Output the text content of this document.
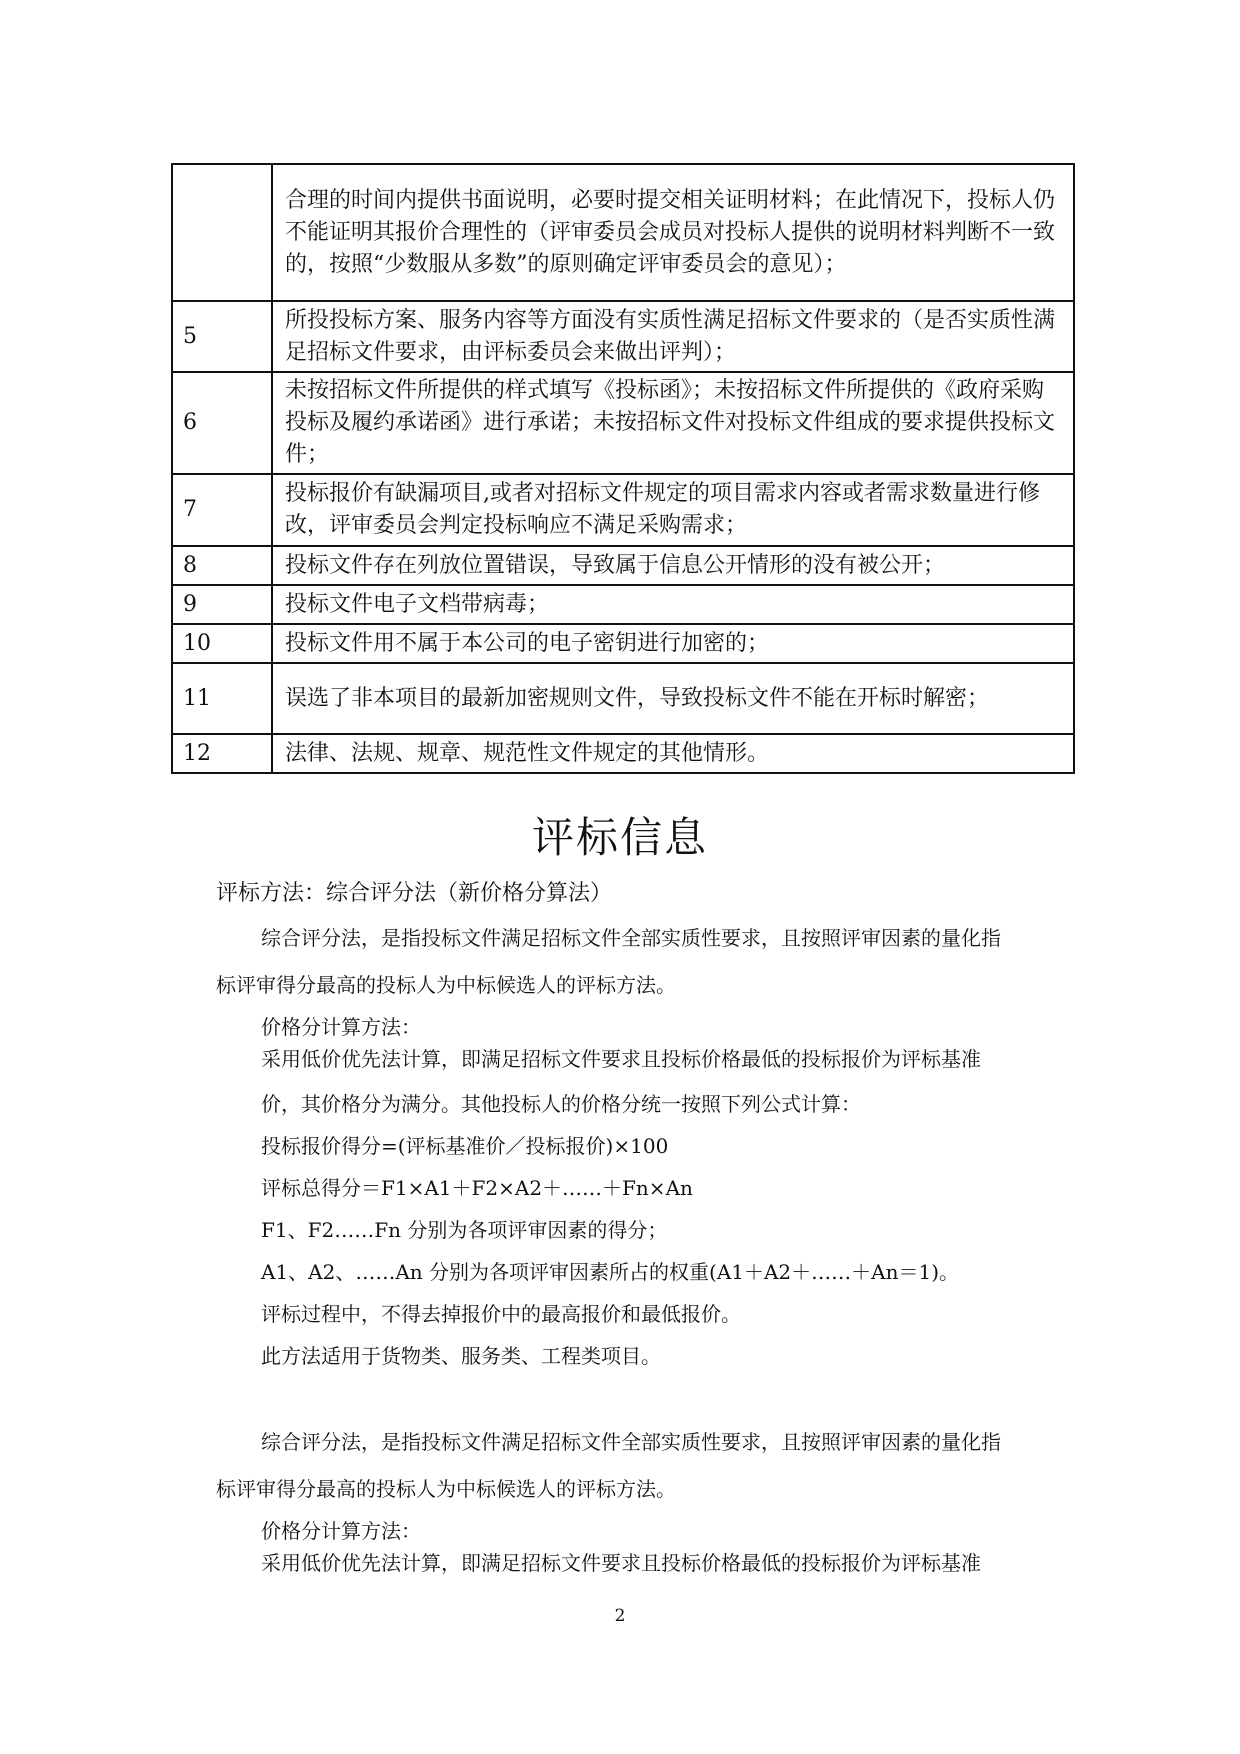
	合理的时间内提供书面说明，必要时提交相关证明材料；在此情况下，投标人仍不能证明其报价合理性的（评审委员会成员对投标人提供的说明材料判断不一致的，按照“少数服从多数”的原则确定评审委员会的意见）；
5	所投投标方案、服务内容等方面没有实质性满足招标文件要求的（是否实质性满足招标文件要求，由评标委员会来做出评判）；
6	未按招标文件所提供的样式填写《投标函》；未按招标文件所提供的《政府采购投标及履约承诺函》进行承诺；未按招标文件对投标文件组成的要求提供投标文件；
7	投标报价有缺漏项目,或者对招标文件规定的项目需求内容或者需求数量进行修改，评审委员会判定投标响应不满足采购需求；
8	投标文件存在列放位置错误，导致属于信息公开情形的没有被公开；
9	投标文件电子文档带病毒；
10	投标文件用不属于本公司的电子密钥进行加密的；
11	误选了非本项目的最新加密规则文件，导致投标文件不能在开标时解密；
12	法律、法规、规章、规范性文件规定的其他情形。
评标信息
评标方法：综合评分法（新价格分算法）
综合评分法，是指投标文件满足招标文件全部实质性要求，且按照评审因素的量化指
标评审得分最高的投标人为中标候选人的评标方法。
价格分计算方法：
采用低价优先法计算，即满足招标文件要求且投标价格最低的投标报价为评标基准
价，其价格分为满分。其他投标人的价格分统一按照下列公式计算：
投标报价得分=(评标基准价／投标报价)×100
评标总得分＝F1×A1＋F2×A2＋……＋Fn×An
F1、F2……Fn 分别为各项评审因素的得分；
A1、A2、……An 分别为各项评审因素所占的权重(A1＋A2＋……＋An＝1)。
评标过程中，不得去掉报价中的最高报价和最低报价。
此方法适用于货物类、服务类、工程类项目。
综合评分法，是指投标文件满足招标文件全部实质性要求，且按照评审因素的量化指
标评审得分最高的投标人为中标候选人的评标方法。
价格分计算方法：
采用低价优先法计算，即满足招标文件要求且投标价格最低的投标报价为评标基准
2
